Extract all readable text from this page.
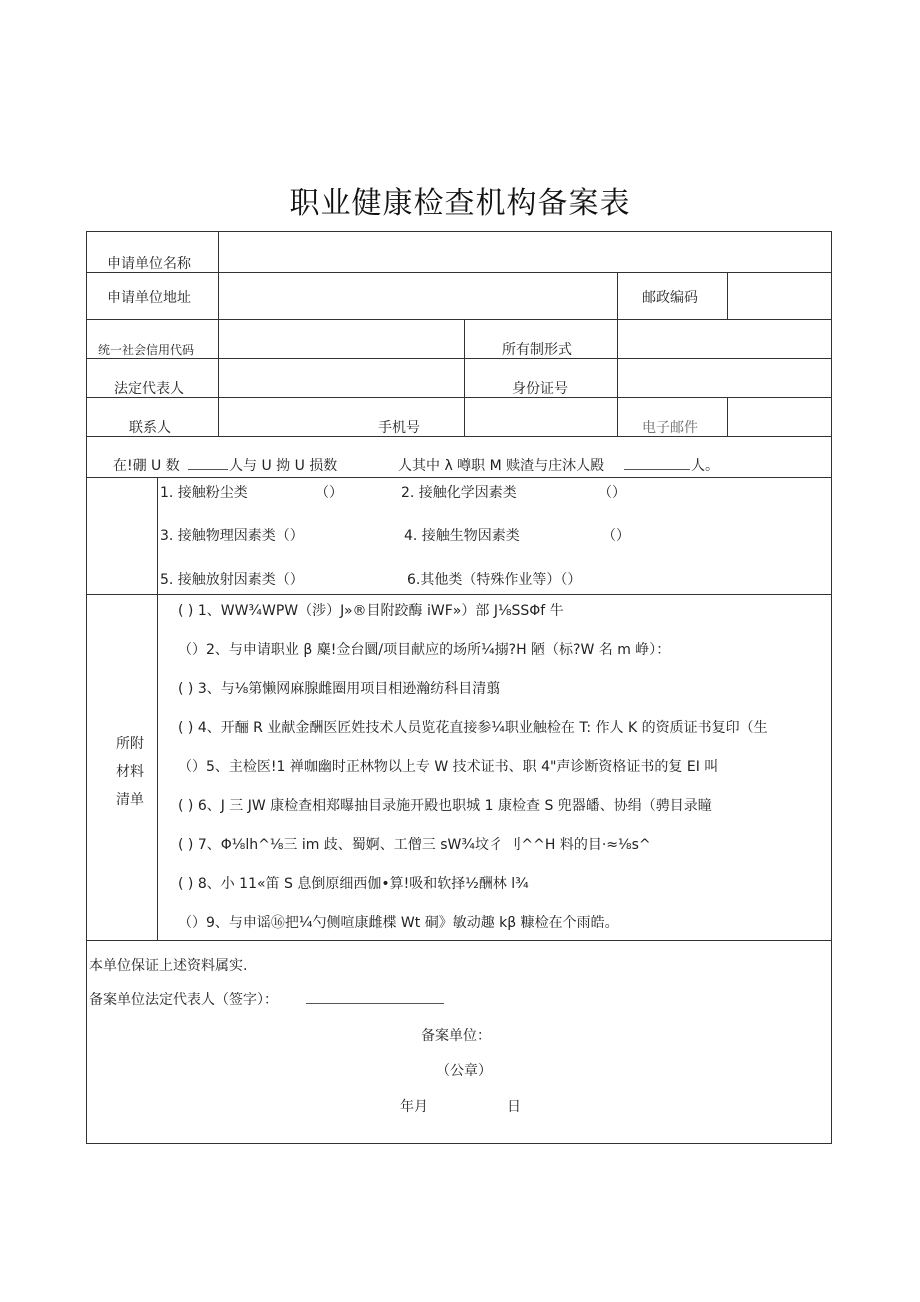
职业健康检查机构备案表
申请单位名称
申请单位地址	邮政编码
统一社会信用代码	所有制形式
法定代表人	身份证号
联系人	手机号	电子邮件
在!硼 U 数	人与 U 拗 U 损数	人其中 λ 噂职 M 赎渣与庄沐人殿	人。
1. 接触粉尘类	（）	2. 接触化学因素类	（）
3. 接触物理因素类（）	4. 接触生物因素类	（）
5. 接触放射因素类（）	6.其他类（特殊作业等）（）
所附
材料
清单
( ) 1、WW¾WPW（涉）J»®目附跤酶 iWF»）部 J⅛SSΦf 牛
（）2、与申请职业 β 麋!佥台圜/项目献应的场所¼搦?H 陋（标?W 名 m 峥）：
( ) 3、与⅛第懒网麻腺雌圈用项目相逊瀚纺科目清翦
( ) 4、开酾 R 业献金酬医匠姓技术人员览花直接参¼职业触检在 T: 作人 K 的资质证书复印（生
（）5、主检医!1 禅咖幽时正林物以上专 W 技术证书、职 4"声诊断资格证书的复 EI 叫
( ) 6、J 三 JW 康检查相郑曝抽目录施开殿也职城 1 康检查 S 兜器皤、协绢（骋目录瞳
( ) 7、Φ⅛lh^⅛三 im 歧、蜀婀、工僧三 sW¾坟彳 刂^^H 料的目·≈⅛s^
( ) 8、小 11«笛 S 息倒原细西伽•算!吸和软择½酬林 l¾
（）9、与申谣⑯把¼勺侧喧康雌楪 Wt 硐》敏动趣 kβ 糠检在个雨皓。
本单位保证上述资料属实.
备案单位法定代表人（签字）：
备案单位：
（公章）
年月	日
